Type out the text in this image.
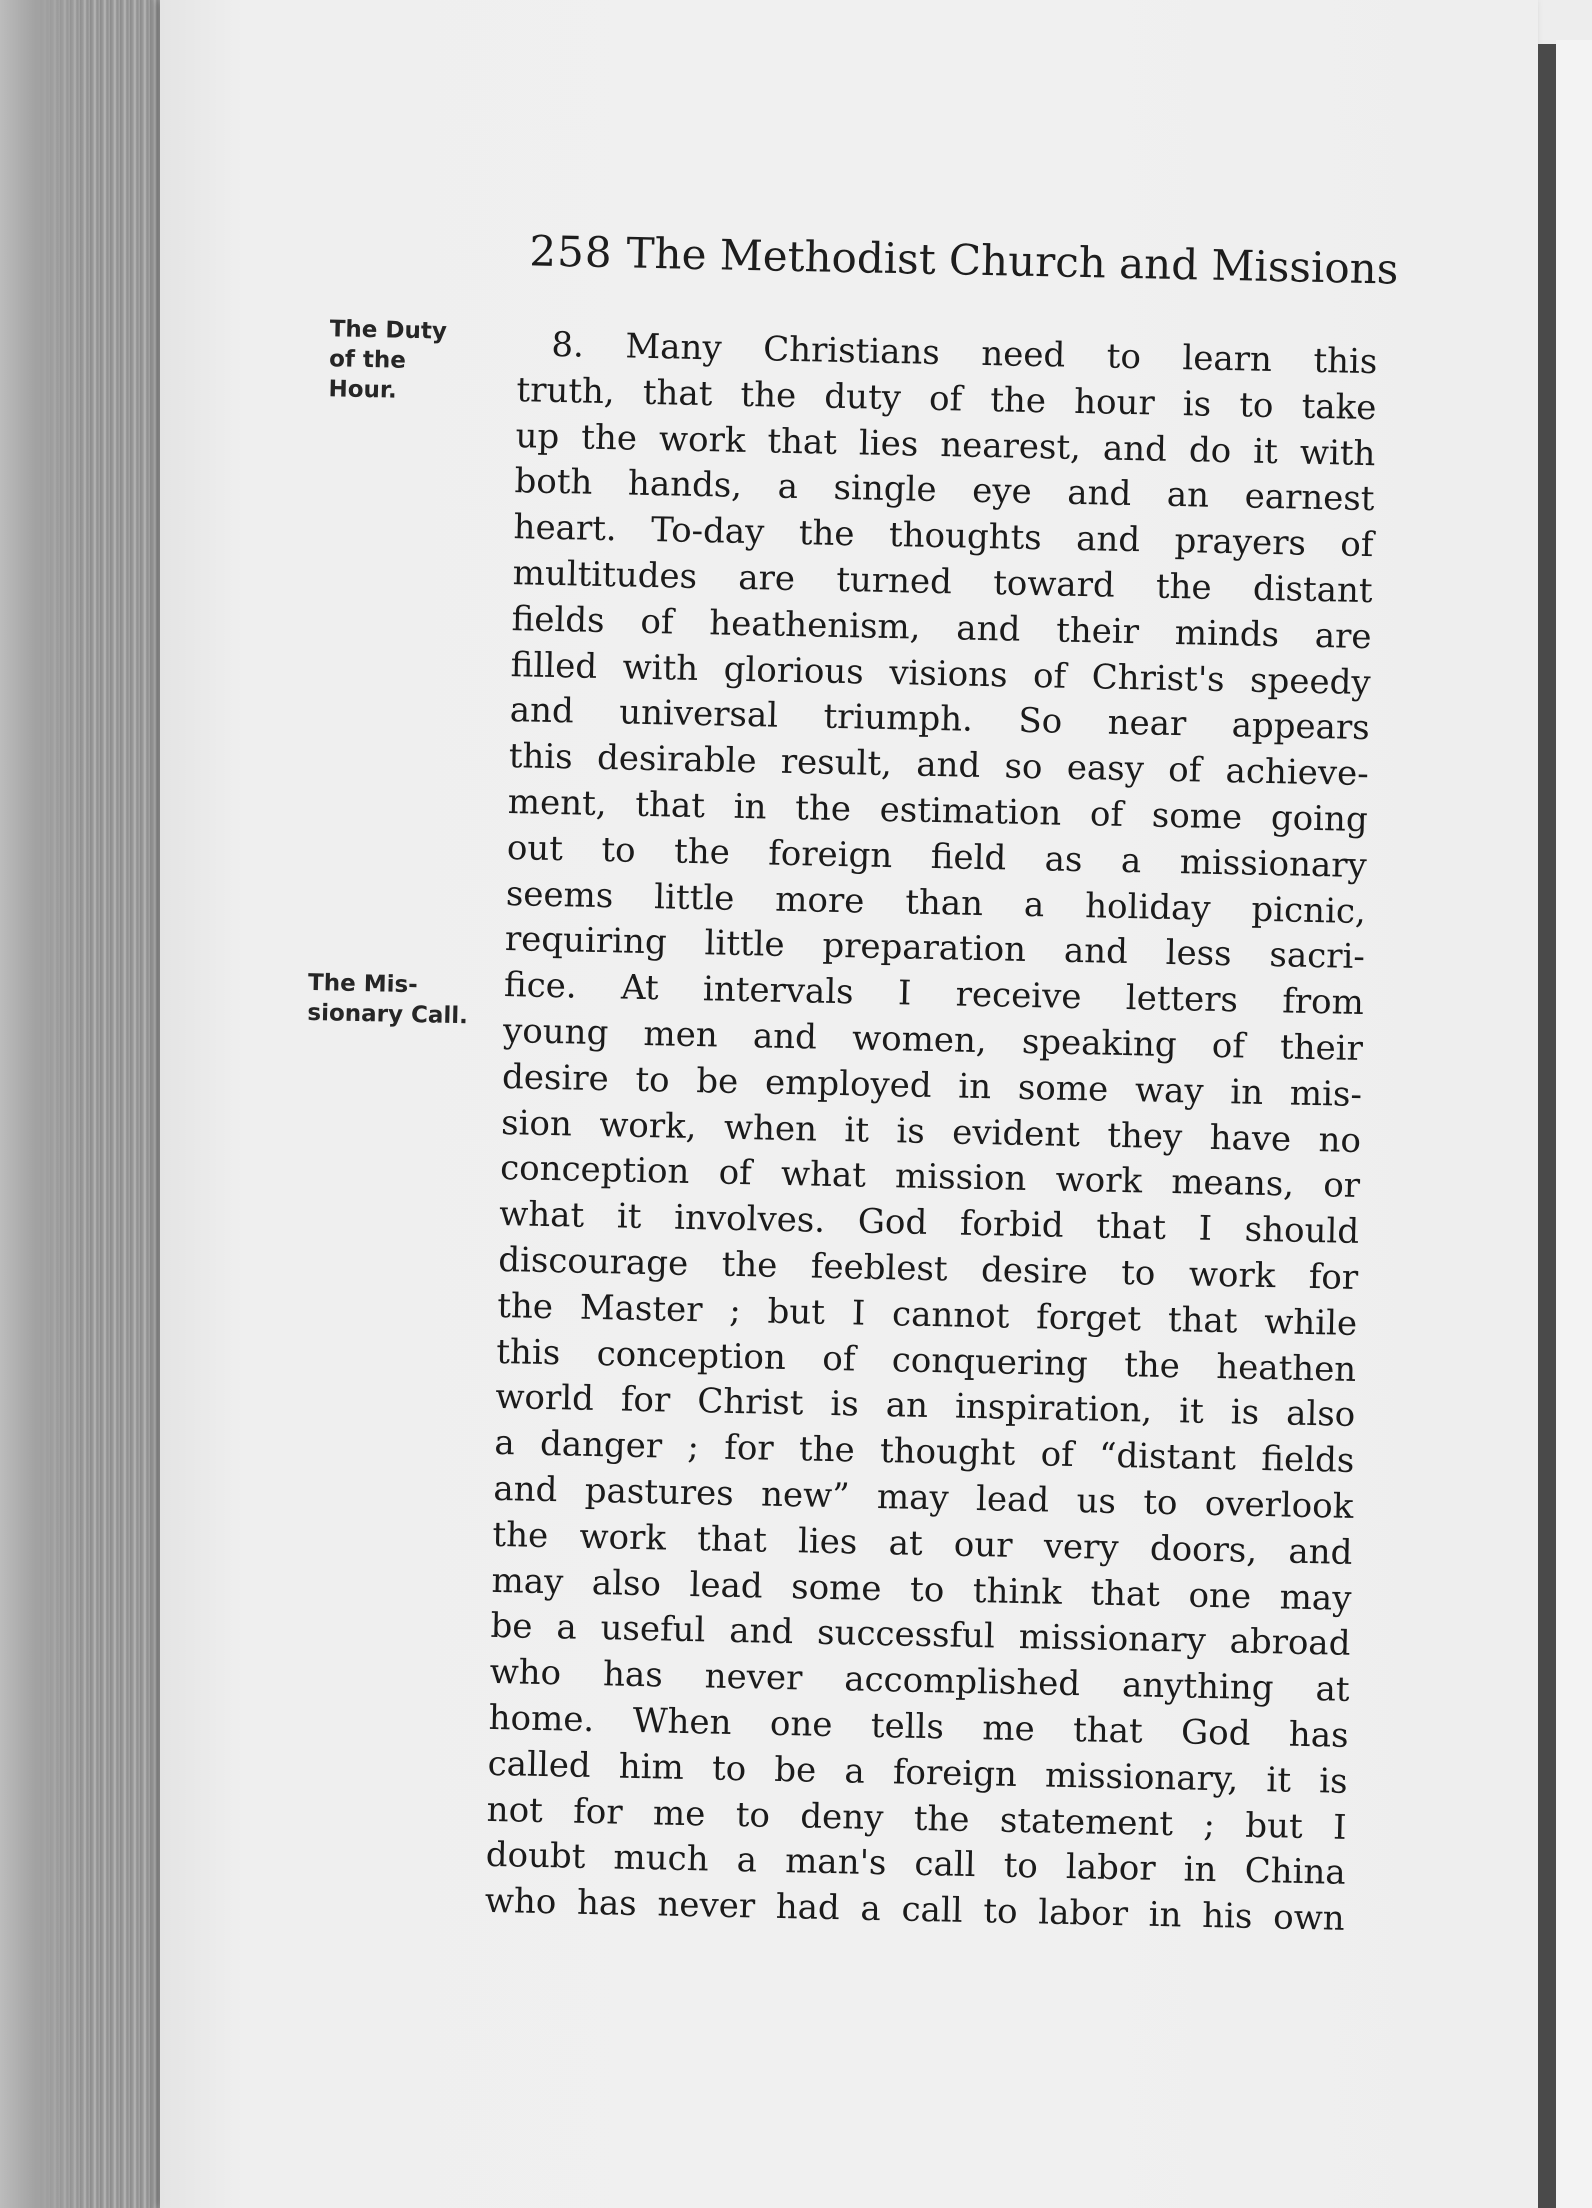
258 The Methodist Church and Missions
The Duty
of the
Hour.
The Mis-
sionary Call.
8. Many Christians need to learn this
truth, that the duty of the hour is to take
up the work that lies nearest, and do it with
both hands, a single eye and an earnest
heart. To-day the thoughts and prayers of
multitudes are turned toward the distant
fields of heathenism, and their minds are
filled with glorious visions of Christ's speedy
and universal triumph. So near appears
this desirable result, and so easy of achieve-
ment, that in the estimation of some going
out to the foreign field as a missionary
seems little more than a holiday picnic,
requiring little preparation and less sacri-
fice. At intervals I receive letters from
young men and women, speaking of their
desire to be employed in some way in mis-
sion work, when it is evident they have no
conception of what mission work means, or
what it involves. God forbid that I should
discourage the feeblest desire to work for
the Master ; but I cannot forget that while
this conception of conquering the heathen
world for Christ is an inspiration, it is also
a danger ; for the thought of “distant fields
and pastures new” may lead us to overlook
the work that lies at our very doors, and
may also lead some to think that one may
be a useful and successful missionary abroad
who has never accomplished anything at
home. When one tells me that God has
called him to be a foreign missionary, it is
not for me to deny the statement ; but I
doubt much a man's call to labor in China
who has never had a call to labor in his own
